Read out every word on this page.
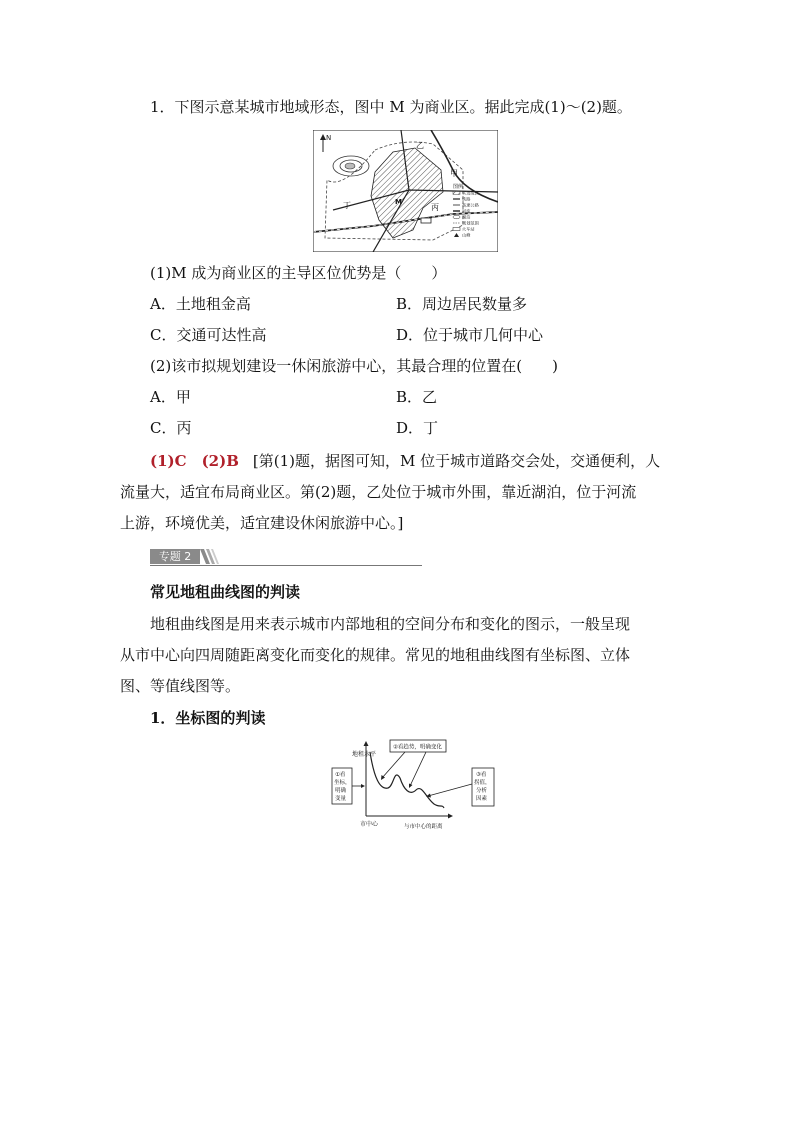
1．下图示意某城市地域形态，图中 M 为商业区。据此完成(1)～(2)题。
N
乙
甲
丙
丁	M
图例
实边缘区
铁路
高速公路
河流
湖泊
规划范围
火车站
山峰
(1)M 成为商业区的主导区位优势是（　　）
A．土地租金高	B．周边居民数量多
C．交通可达性高	D．位于城市几何中心
(2)该市拟规划建设一休闲旅游中心，其最合理的位置在(　　)
A．甲	B．乙
C．丙	D．丁
(1)C　(2)B [第(1)题，据图可知，M 位于城市道路交会处，交通便利，人
流量大，适宜布局商业区。第(2)题，乙处位于城市外围，靠近湖泊，位于河流
上游，环境优美，适宜建设休闲旅游中心。]
专题 2
常见地租曲线图的判读
地租曲线图是用来表示城市内部地租的空间分布和变化的图示，一般呈现
从市中心向四周随距离变化而变化的规律。常见的地租曲线图有坐标图、立体
图、等值线图等。
1．坐标图的判读
地租水平
市中心	与市中心的距离
①看
坐标，
明确
变量
②看趋势，明确变化
③看
拐值，
分析
因素
